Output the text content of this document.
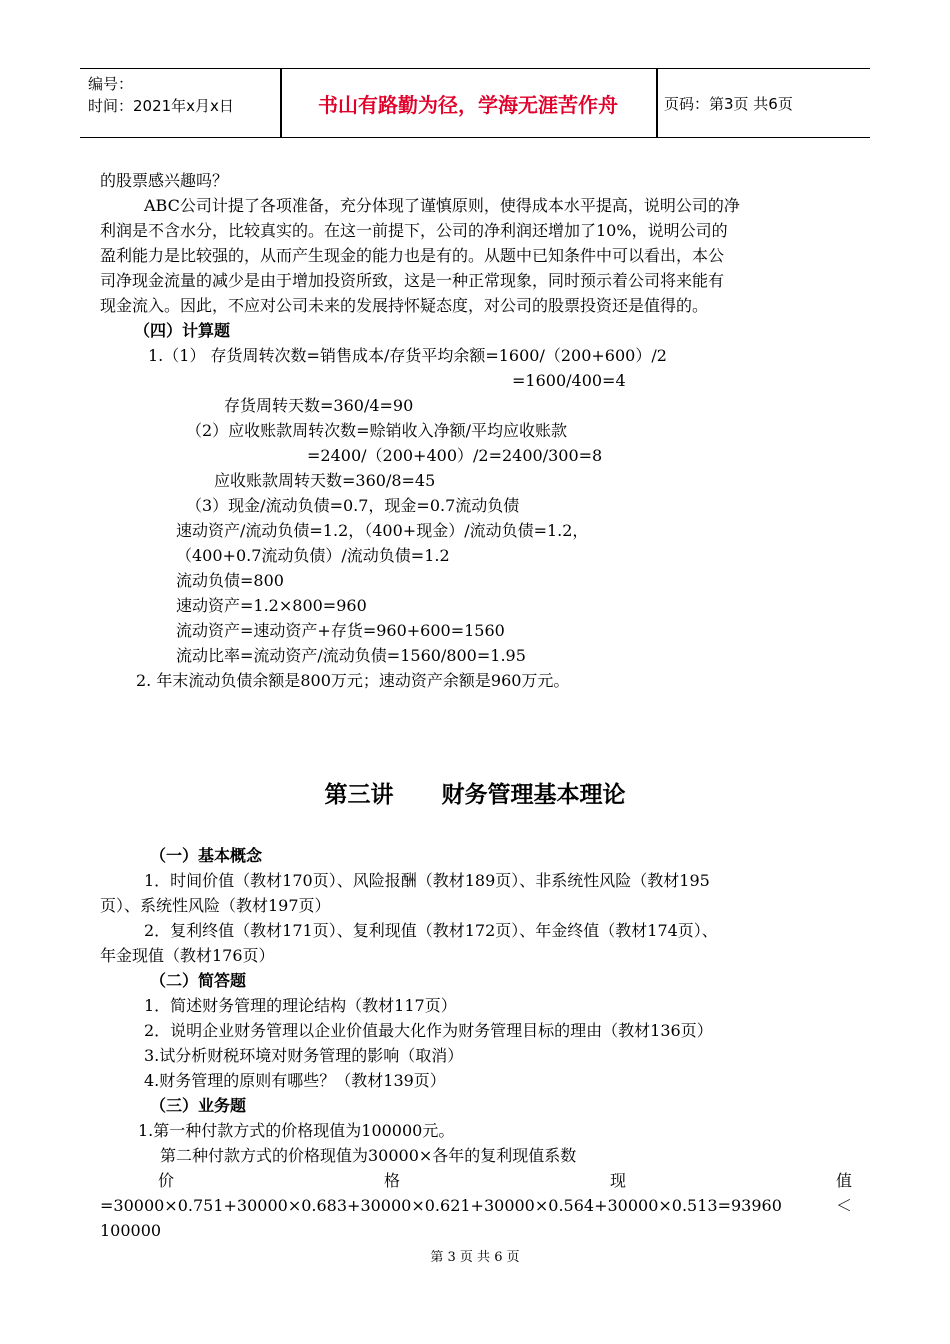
编号：
时间：2021年x月x日	书山有路勤为径，学海无涯苦作舟	页码：第3页 共6页
的股票感兴趣吗？
ABC公司计提了各项准备，充分体现了谨慎原则，使得成本水平提高，说明公司的净
利润是不含水分，比较真实的。在这一前提下，公司的净利润还增加了10%，说明公司的
盈利能力是比较强的，从而产生现金的能力也是有的。从题中已知条件中可以看出，本公
司净现金流量的减少是由于增加投资所致，这是一种正常现象，同时预示着公司将来能有
现金流入。因此，不应对公司未来的发展持怀疑态度，对公司的股票投资还是值得的。
（四）计算题
1.（1） 存货周转次数=销售成本/存货平均余额=1600/（200+600）/2
=1600/400=4
存货周转天数=360/4=90
（2）应收账款周转次数=赊销收入净额/平均应收账款
=2400/（200+400）/2=2400/300=8
应收账款周转天数=360/8=45
（3）现金/流动负债=0.7，现金=0.7流动负债
速动资产/流动负债=1.2，（400+现金）/流动负债=1.2，
（400+0.7流动负债）/流动负债=1.2
流动负债=800
速动资产=1.2×800=960
流动资产=速动资产+存货=960+600=1560
流动比率=流动资产/流动负债=1560/800=1.95
2. 年末流动负债余额是800万元；速动资产余额是960万元。
第三讲      财务管理基本理论
（一）基本概念
1．时间价值（教材170页）、风险报酬（教材189页）、非系统性风险（教材195
页）、系统性风险（教材197页）
2．复利终值（教材171页）、复利现值（教材172页）、年金终值（教材174页）、
年金现值（教材176页）
（二）简答题
1．简述财务管理的理论结构（教材117页）
2．说明企业财务管理以企业价值最大化作为财务管理目标的理由（教材136页）
3.试分析财税环境对财务管理的影响（取消）
4.财务管理的原则有哪些？（教材139页）
（三）业务题
1.第一种付款方式的价格现值为100000元。
第二种付款方式的价格现值为30000×各年的复利现值系数
价	格	现	值
=30000×0.751+30000×0.683+30000×0.621+30000×0.564+30000×0.513=93960	＜
100000
第 3 页 共 6 页
